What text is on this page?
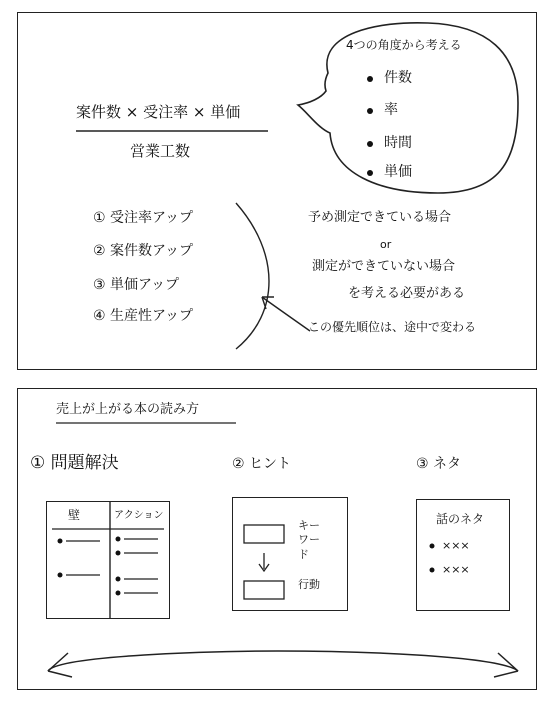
案件数 × 受注率 × 単価
営業工数
4つの角度から考える
件数
率
時間
単価
① 受注率アップ
② 案件数アップ
③ 単価アップ
④ 生産性アップ
予め測定できている場合
or
測定ができていない場合
を考える必要がある
この優先順位は、途中で変わる
売上が上がる本の読み方
① 問題解決	② ヒント	③ ネタ
壁	アクション
キーワード
行動
話のネタ
×××
×××
